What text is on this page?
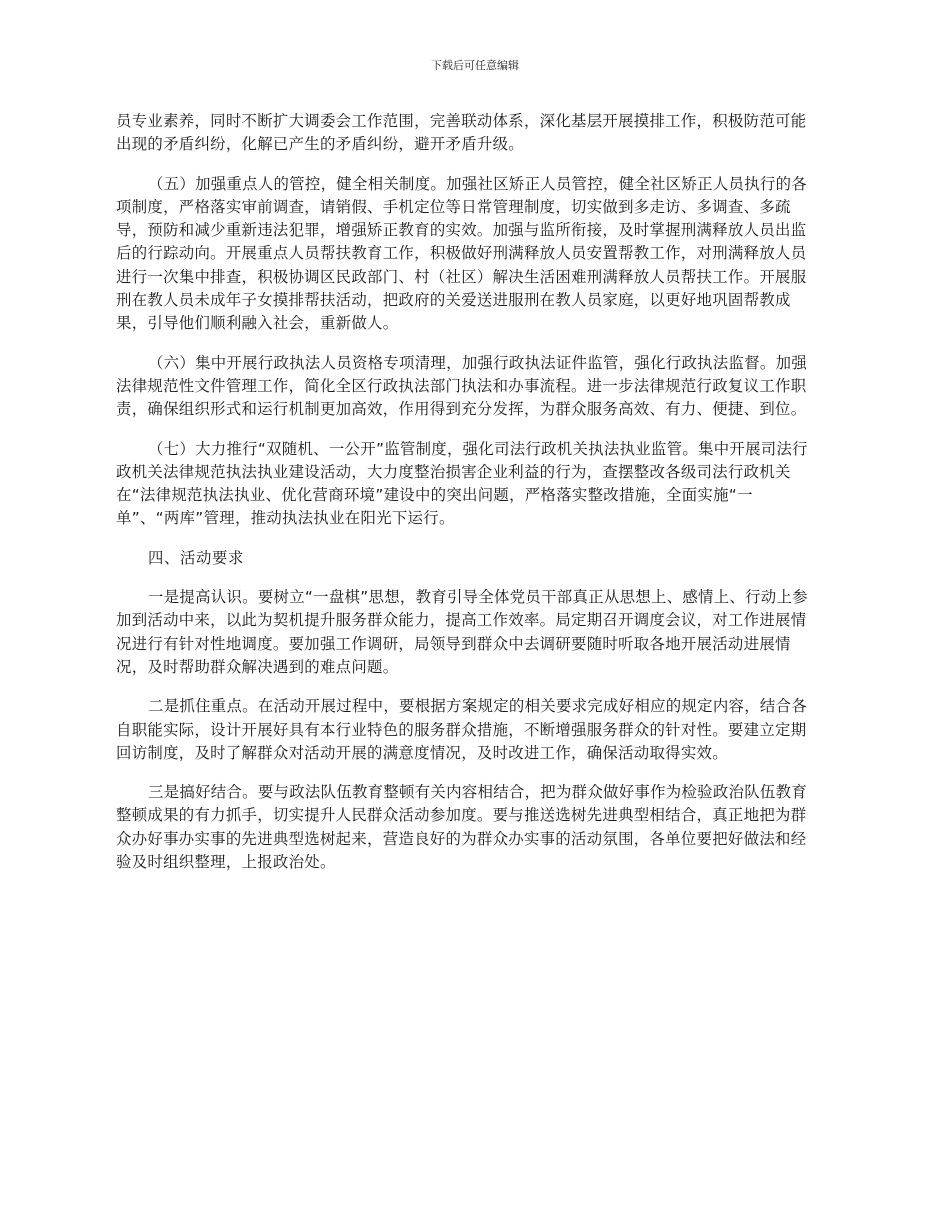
下载后可任意编辑

员专业素养，同时不断扩大调委会工作范围，完善联动体系，深化基层开展摸排工作，积极防范可能
出现的矛盾纠纷，化解已产生的矛盾纠纷，避开矛盾升级。

（五）加强重点人的管控，健全相关制度。加强社区矫正人员管控，健全社区矫正人员执行的各
项制度，严格落实审前调查，请销假、手机定位等日常管理制度，切实做到多走访、多调查、多疏
导，预防和减少重新违法犯罪，增强矫正教育的实效。加强与监所衔接，及时掌握刑满释放人员出监
后的行踪动向。开展重点人员帮扶教育工作，积极做好刑满释放人员安置帮教工作，对刑满释放人员
进行一次集中排查，积极协调区民政部门、村（社区）解决生活困难刑满释放人员帮扶工作。开展服
刑在教人员未成年子女摸排帮扶活动，把政府的关爱送进服刑在教人员家庭，以更好地巩固帮教成
果，引导他们顺利融入社会，重新做人。

（六）集中开展行政执法人员资格专项清理，加强行政执法证件监管，强化行政执法监督。加强
法律规范性文件管理工作，简化全区行政执法部门执法和办事流程。进一步法律规范行政复议工作职
责，确保组织形式和运行机制更加高效，作用得到充分发挥，为群众服务高效、有力、便捷、到位。

（七）大力推行“双随机、一公开”监管制度，强化司法行政机关执法执业监管。集中开展司法行
政机关法律规范执法执业建设活动，大力度整治损害企业利益的行为，查摆整改各级司法行政机关
在“法律规范执法执业、优化营商环境”建设中的突出问题，严格落实整改措施，全面实施“一
单”、“两库”管理，推动执法执业在阳光下运行。

四、活动要求

一是提高认识。要树立“一盘棋”思想，教育引导全体党员干部真正从思想上、感情上、行动上参
加到活动中来，以此为契机提升服务群众能力，提高工作效率。局定期召开调度会议，对工作进展情
况进行有针对性地调度。要加强工作调研，局领导到群众中去调研要随时听取各地开展活动进展情
况，及时帮助群众解决遇到的难点问题。

二是抓住重点。在活动开展过程中，要根据方案规定的相关要求完成好相应的规定内容，结合各
自职能实际，设计开展好具有本行业特色的服务群众措施，不断增强服务群众的针对性。要建立定期
回访制度，及时了解群众对活动开展的满意度情况，及时改进工作，确保活动取得实效。

三是搞好结合。要与政法队伍教育整顿有关内容相结合，把为群众做好事作为检验政治队伍教育
整顿成果的有力抓手，切实提升人民群众活动参加度。要与推送选树先进典型相结合，真正地把为群
众办好事办实事的先进典型选树起来，营造良好的为群众办实事的活动氛围，各单位要把好做法和经
验及时组织整理，上报政治处。
